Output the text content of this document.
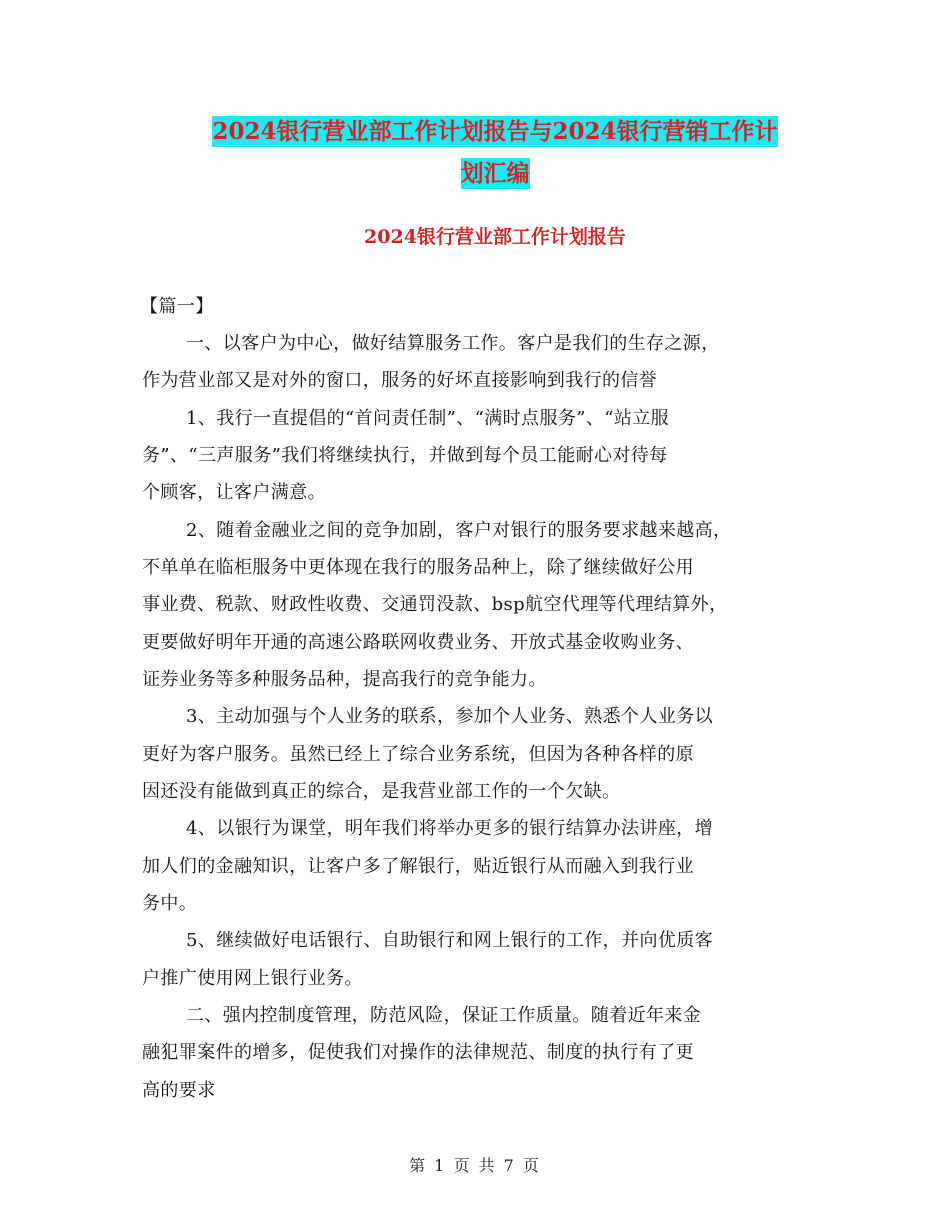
2024银行营业部工作计划报告与2024银行营销工作计
划汇编
2024银行营业部工作计划报告
【篇一】
一、以客户为中心，做好结算服务工作。客户是我们的生存之源，
作为营业部又是对外的窗口，服务的好坏直接影响到我行的信誉
1、我行一直提倡的“首问责任制”、“满时点服务”、“站立服
务”、“三声服务”我们将继续执行，并做到每个员工能耐心对待每
个顾客，让客户满意。
2、随着金融业之间的竞争加剧，客户对银行的服务要求越来越高，
不单单在临柜服务中更体现在我行的服务品种上，除了继续做好公用
事业费、税款、财政性收费、交通罚没款、bsp航空代理等代理结算外，
更要做好明年开通的高速公路联网收费业务、开放式基金收购业务、
证券业务等多种服务品种，提高我行的竞争能力。
3、主动加强与个人业务的联系，参加个人业务、熟悉个人业务以
更好为客户服务。虽然已经上了综合业务系统，但因为各种各样的原
因还没有能做到真正的综合，是我营业部工作的一个欠缺。
4、以银行为课堂，明年我们将举办更多的银行结算办法讲座，增
加人们的金融知识，让客户多了解银行，贴近银行从而融入到我行业
务中。
5、继续做好电话银行、自助银行和网上银行的工作，并向优质客
户推广使用网上银行业务。
二、强内控制度管理，防范风险，保证工作质量。随着近年来金
融犯罪案件的增多，促使我们对操作的法律规范、制度的执行有了更
高的要求
第 1 页 共 7 页
